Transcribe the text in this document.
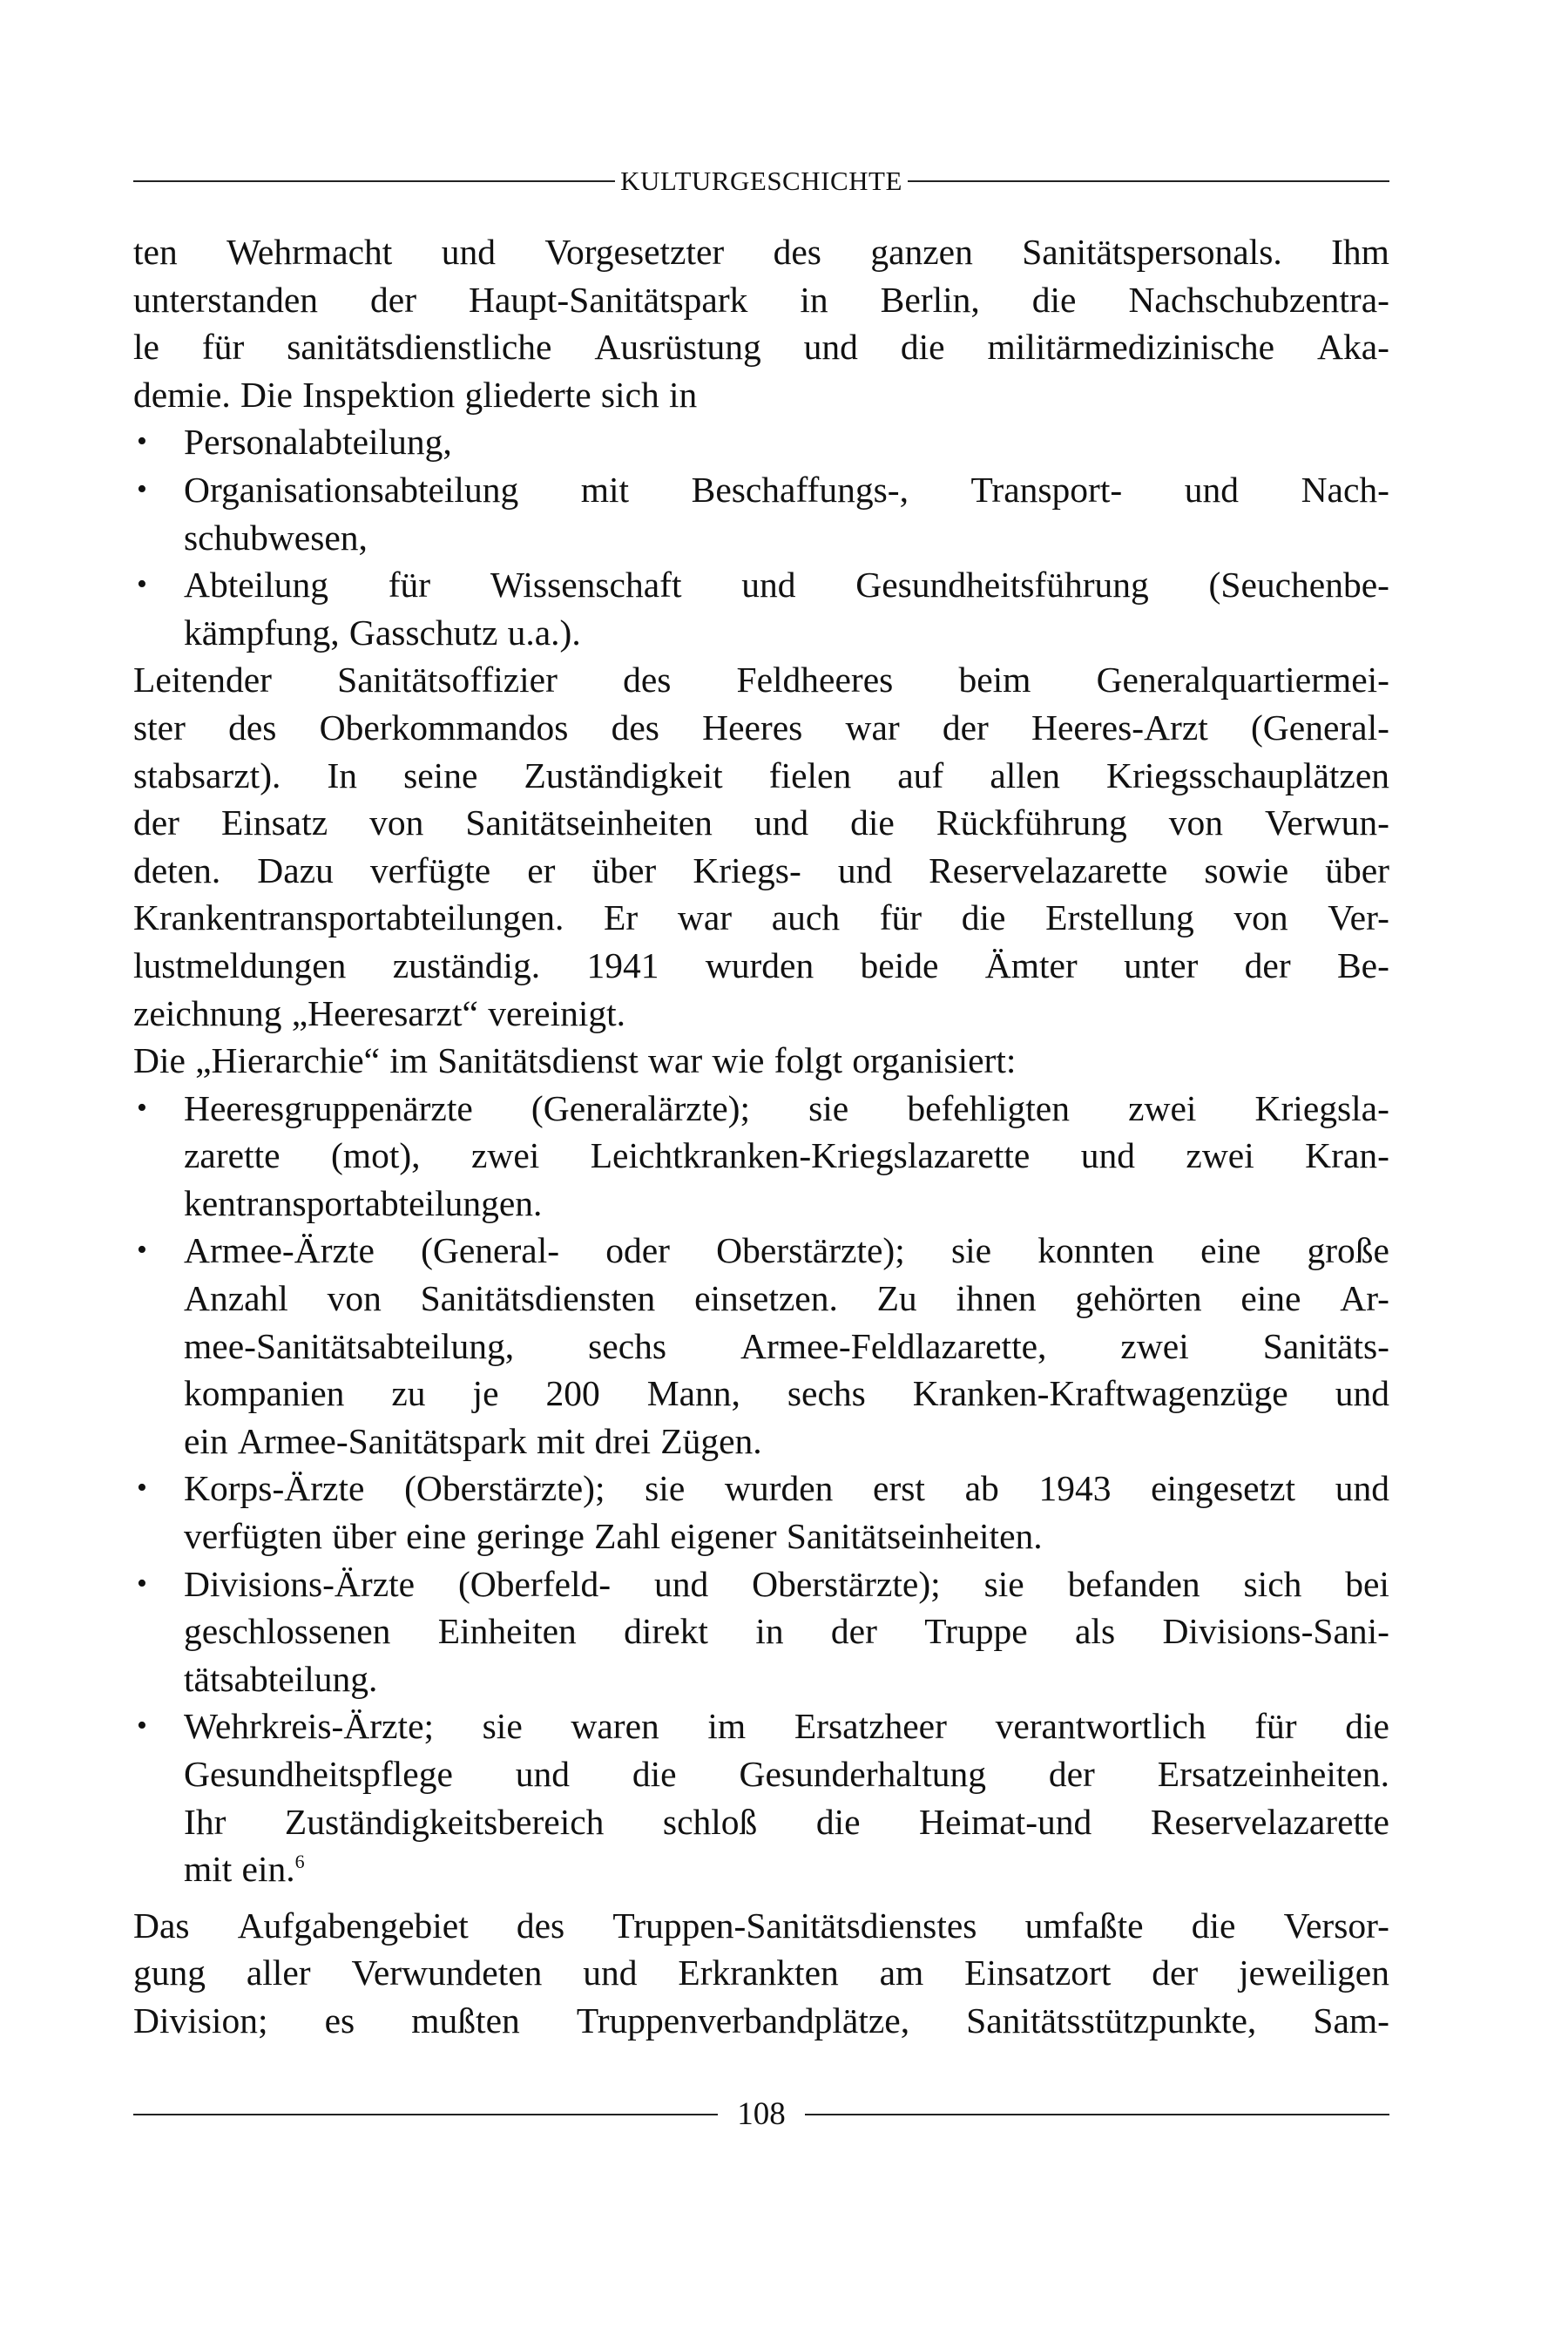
KULTURGESCHICHTE
ten Wehrmacht und Vorgesetzter des ganzen Sanitätspersonals. Ihm
unterstanden der Haupt-Sanitätspark in Berlin, die Nachschubzentra-
le für sanitätsdienstliche Ausrüstung und die militärmedizinische Aka-
demie. Die Inspektion gliederte sich in
• Personalabteilung,
• Organisationsabteilung mit Beschaffungs-, Transport- und Nach-
schubwesen,
• Abteilung für Wissenschaft und Gesundheitsführung (Seuchenbe-
kämpfung, Gasschutz u.a.).
Leitender Sanitätsoffizier des Feldheeres beim Generalquartiermei-
ster des Oberkommandos des Heeres war der Heeres-Arzt (General-
stabsarzt). In seine Zuständigkeit fielen auf allen Kriegsschauplätzen
der Einsatz von Sanitätseinheiten und die Rückführung von Verwun-
deten. Dazu verfügte er über Kriegs- und Reservelazarette sowie über
Krankentransportabteilungen. Er war auch für die Erstellung von Ver-
lustmeldungen zuständig. 1941 wurden beide Ämter unter der Be-
zeichnung „Heeresarzt“ vereinigt.
Die „Hierarchie“ im Sanitätsdienst war wie folgt organisiert:
• Heeresgruppenärzte (Generalärzte); sie befehligten zwei Kriegsla-
zarette (mot), zwei Leichtkranken-Kriegslazarette und zwei Kran-
kentransportabteilungen.
• Armee-Ärzte (General- oder Oberstärzte); sie konnten eine große
Anzahl von Sanitätsdiensten einsetzen. Zu ihnen gehörten eine Ar-
mee-Sanitätsabteilung, sechs Armee-Feldlazarette, zwei Sanitäts-
kompanien zu je 200 Mann, sechs Kranken-Kraftwagenzüge und
ein Armee-Sanitätspark mit drei Zügen.
• Korps-Ärzte (Oberstärzte); sie wurden erst ab 1943 eingesetzt und
verfügten über eine geringe Zahl eigener Sanitätseinheiten.
• Divisions-Ärzte (Oberfeld- und Oberstärzte); sie befanden sich bei
geschlossenen Einheiten direkt in der Truppe als Divisions-Sani-
tätsabteilung.
• Wehrkreis-Ärzte; sie waren im Ersatzheer verantwortlich für die
Gesundheitspflege und die Gesunderhaltung der Ersatzeinheiten.
Ihr Zuständigkeitsbereich schloß die Heimat-und Reservelazarette
mit ein.$^6$
Das Aufgabengebiet des Truppen-Sanitätsdienstes umfaßte die Versor-
gung aller Verwundeten und Erkrankten am Einsatzort der jeweiligen
Division; es mußten Truppenverbandplätze, Sanitätsstützpunkte, Sam-
108
